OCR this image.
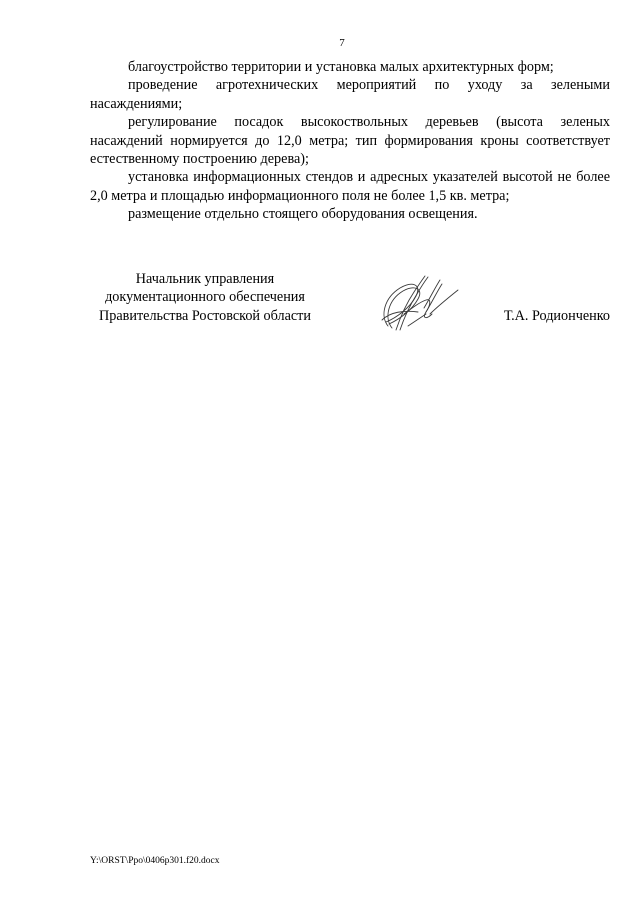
7

благоустройство территории и установка малых архитектурных форм;

проведение агротехнических мероприятий по уходу за зелеными насаждениями;

регулирование посадок высокоствольных деревьев (высота зеленых насаждений нормируется до 12,0 метра; тип формирования кроны соответствует естественному построению дерева);

установка информационных стендов и адресных указателей высотой не более 2,0 метра и площадью информационного поля не более 1,5 кв. метра;

размещение отдельно стоящего оборудования освещения.

Начальник управления
документационного обеспечения
Правительства Ростовской области	Т.А. Родионченко
Y:\ORST\Ppo\0406p301.f20.docx
